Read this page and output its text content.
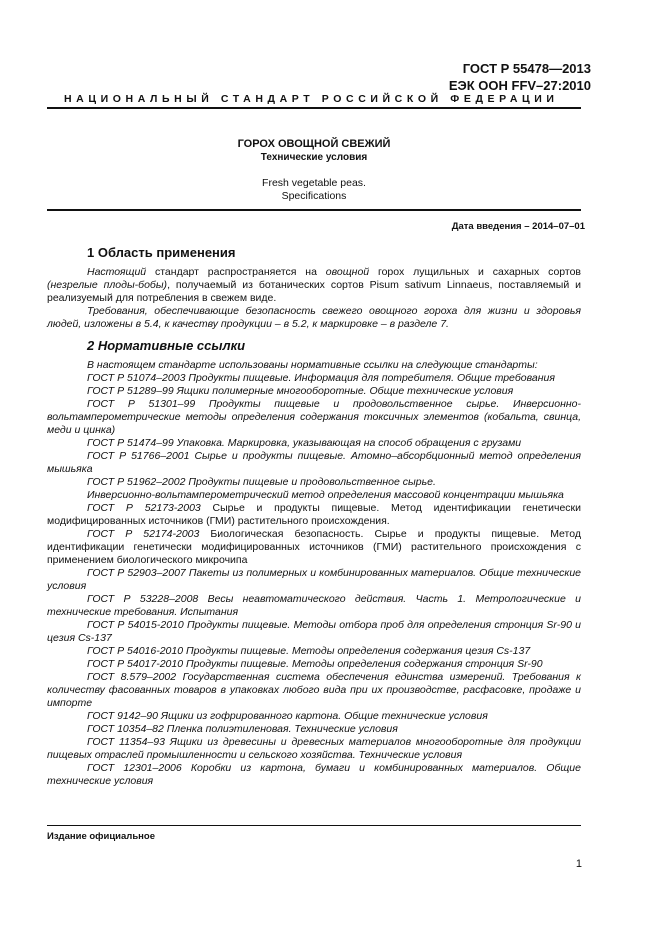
ГОСТ Р 55478—2013
ЕЭК ООН FFV–27:2010
НАЦИОНАЛЬНЫЙ СТАНДАРТ РОССИЙСКОЙ ФЕДЕРАЦИИ
ГОРОХ ОВОЩНОЙ СВЕЖИЙ
Технические условия
Fresh vegetable peas.
Specifications
Дата введения – 2014–07–01
1 Область применения

Настоящий стандарт распространяется на овощной горох лущильных и сахарных сортов (незрелые плоды-бобы), получаемый из ботанических сортов Pisum sativum Linnaeus, поставляемый и реализуемый для потребления в свежем виде.

Требования, обеспечивающие безопасность свежего овощного гороха для жизни и здоровья людей, изложены в 5.4, к качеству продукции – в 5.2, к маркировке – в разделе 7.

2 Нормативные ссылки

В настоящем стандарте использованы нормативные ссылки на следующие стандарты:

ГОСТ Р 51074–2003 Продукты пищевые. Информация для потребителя. Общие требования

ГОСТ Р 51289–99 Ящики полимерные многооборотные. Общие технические условия

ГОСТ Р 51301–99 Продукты пищевые и продовольственное сырье. Инверсионно-вольтамперометрические методы определения содержания токсичных элементов (кобальта, свинца, меди и цинка)

ГОСТ Р 51474–99 Упаковка. Маркировка, указывающая на способ обращения с грузами

ГОСТ Р 51766–2001 Сырье и продукты пищевые. Атомно–абсорбционный метод определения мышьяка

ГОСТ Р 51962–2002 Продукты пищевые и продовольственное сырье.

Инверсионно-вольтамперометрический метод определения массовой концентрации мышьяка

ГОСТ Р 52173-2003 Сырье и продукты пищевые. Метод идентификации генетически модифицированных источников (ГМИ) растительного происхождения.

ГОСТ Р 52174-2003 Биологическая безопасность. Сырье и продукты пищевые. Метод идентификации генетически модифицированных источников (ГМИ) растительного происхождения с применением биологического микрочипа

ГОСТ Р 52903–2007 Пакеты из полимерных и комбинированных материалов. Общие технические условия

ГОСТ Р 53228–2008 Весы неавтоматического действия. Часть 1. Метрологические и технические требования. Испытания

ГОСТ Р 54015-2010 Продукты пищевые. Методы отбора проб для определения стронция Sr-90 и цезия Cs-137

ГОСТ Р 54016-2010 Продукты пищевые. Методы определения содержания цезия Cs-137

ГОСТ Р 54017-2010 Продукты пищевые. Методы определения содержания стронция Sr-90

ГОСТ 8.579–2002 Государственная система обеспечения единства измерений. Требования к количеству фасованных товаров в упаковках любого вида при их производстве, расфасовке, продаже и импорте

ГОСТ 9142–90 Ящики из гофрированного картона. Общие технические условия

ГОСТ 10354–82 Пленка полиэтиленовая. Технические условия

ГОСТ 11354–93 Ящики из древесины и древесных материалов многооборотные для продукции пищевых отраслей промышленности и сельского хозяйства. Технические условия

ГОСТ 12301–2006 Коробки из картона, бумаги и комбинированных материалов. Общие технические условия

Издание официальное
1
